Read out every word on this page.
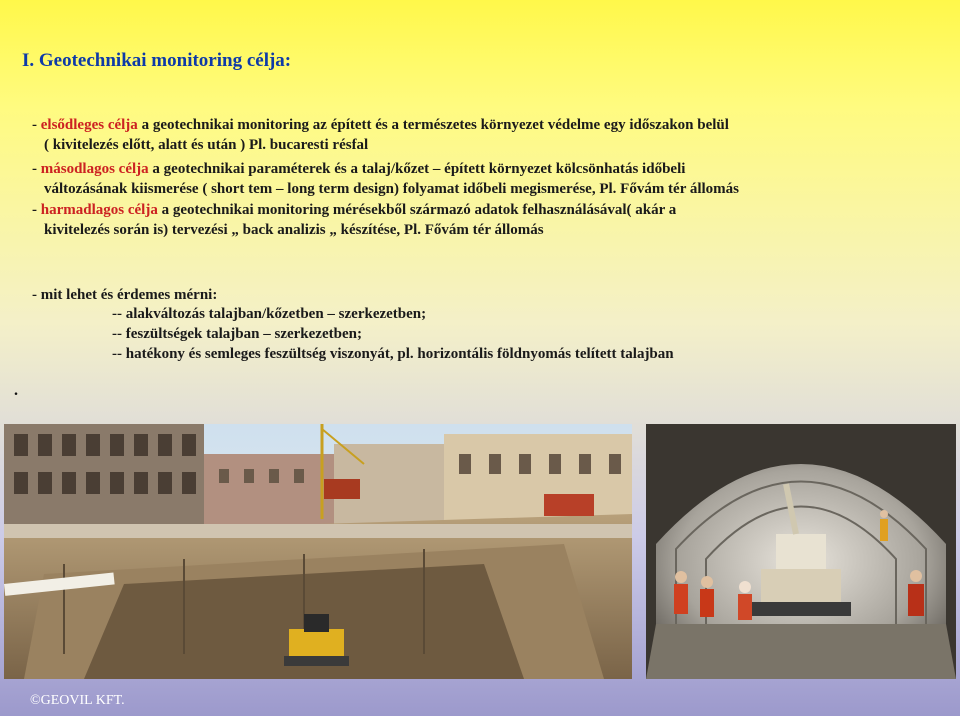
I. Geotechnikai monitoring célja:
- elsődleges célja a geotechnikai monitoring az épített és a természetes környezet védelme egy időszakon belül
( kivitelezés előtt, alatt és után ) Pl. bucaresti résfal
- másodlagos célja a geotechnikai paraméterek és a talaj/kőzet – épített környezet kölcsönhatás időbeli
változásának kiismerése ( short tem – long term design) folyamat időbeli megismerése, Pl. Fővám tér állomás
- harmadlagos célja a geotechnikai monitoring mérésekből származó adatok felhasználásával( akár a
kivitelezés során is) tervezési „ back analizis „ készítése, Pl. Fővám tér állomás
- mit lehet és érdemes mérni:
-- alakváltozás talajban/kőzetben – szerkezetben;
-- feszültségek talajban – szerkezetben;
-- hatékony és semleges feszültség viszonyát, pl. horizontális földnyomás telített talajban
.
©GEOVIL KFT.
